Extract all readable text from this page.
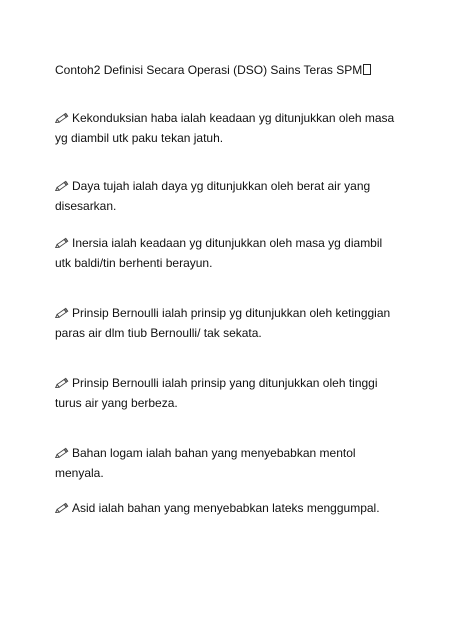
Contoh2 Definisi Secara Operasi (DSO) Sains Teras SPM
Kekonduksian haba ialah keadaan yg ditunjukkan oleh masa yg diambil utk paku tekan jatuh.
Daya tujah ialah daya yg ditunjukkan oleh berat air yang disesarkan.
Inersia ialah keadaan yg ditunjukkan oleh masa yg diambil utk baldi/tin berhenti berayun.
Prinsip Bernoulli ialah prinsip yg ditunjukkan oleh ketinggian paras air dlm tiub Bernoulli/ tak sekata.
Prinsip Bernoulli ialah prinsip yang ditunjukkan oleh tinggi turus air yang berbeza.
Bahan logam ialah bahan yang menyebabkan mentol menyala.
Asid ialah bahan yang menyebabkan lateks menggumpal.
